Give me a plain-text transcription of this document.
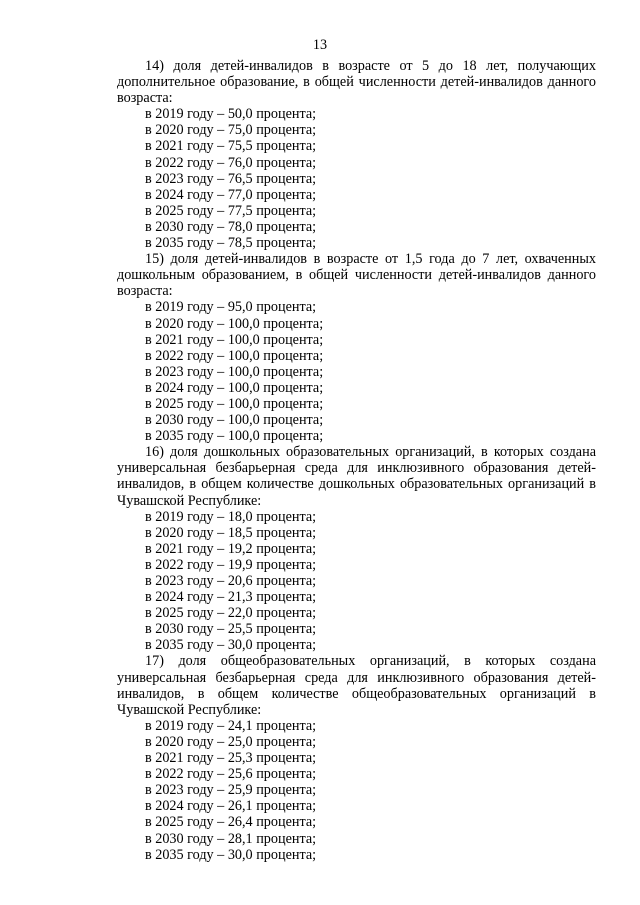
13

14) доля детей-инвалидов в возрасте от 5 до 18 лет, получающих дополнительное образование, в общей численности детей-инвалидов данного возраста:

в 2019 году – 50,0 процента;

в 2020 году – 75,0 процента;

в 2021 году – 75,5 процента;

в 2022 году – 76,0 процента;

в 2023 году – 76,5 процента;

в 2024 году – 77,0 процента;

в 2025 году – 77,5 процента;

в 2030 году – 78,0 процента;

в 2035 году – 78,5 процента;

15) доля детей-инвалидов в возрасте от 1,5 года до 7 лет, охваченных дошкольным образованием, в общей численности детей-инвалидов данного возраста:

в 2019 году – 95,0 процента;

в 2020 году – 100,0 процента;

в 2021 году – 100,0 процента;

в 2022 году – 100,0 процента;

в 2023 году – 100,0 процента;

в 2024 году – 100,0 процента;

в 2025 году – 100,0 процента;

в 2030 году – 100,0 процента;

в 2035 году – 100,0 процента;

16) доля дошкольных образовательных организаций, в которых создана универсальная безбарьерная среда для инклюзивного образования детей-инвалидов, в общем количестве дошкольных образовательных организаций в Чувашской Республике:

в 2019 году – 18,0 процента;

в 2020 году – 18,5 процента;

в 2021 году – 19,2 процента;

в 2022 году – 19,9 процента;

в 2023 году – 20,6 процента;

в 2024 году – 21,3 процента;

в 2025 году – 22,0 процента;

в 2030 году – 25,5 процента;

в 2035 году – 30,0 процента;

17) доля общеобразовательных организаций, в которых создана универсальная безбарьерная среда для инклюзивного образования детей-инвалидов, в общем количестве общеобразовательных организаций в Чувашской Республике:

в 2019 году – 24,1 процента;

в 2020 году – 25,0 процента;

в 2021 году – 25,3 процента;

в 2022 году – 25,6 процента;

в 2023 году – 25,9 процента;

в 2024 году – 26,1 процента;

в 2025 году – 26,4 процента;

в 2030 году – 28,1 процента;

в 2035 году – 30,0 процента;
